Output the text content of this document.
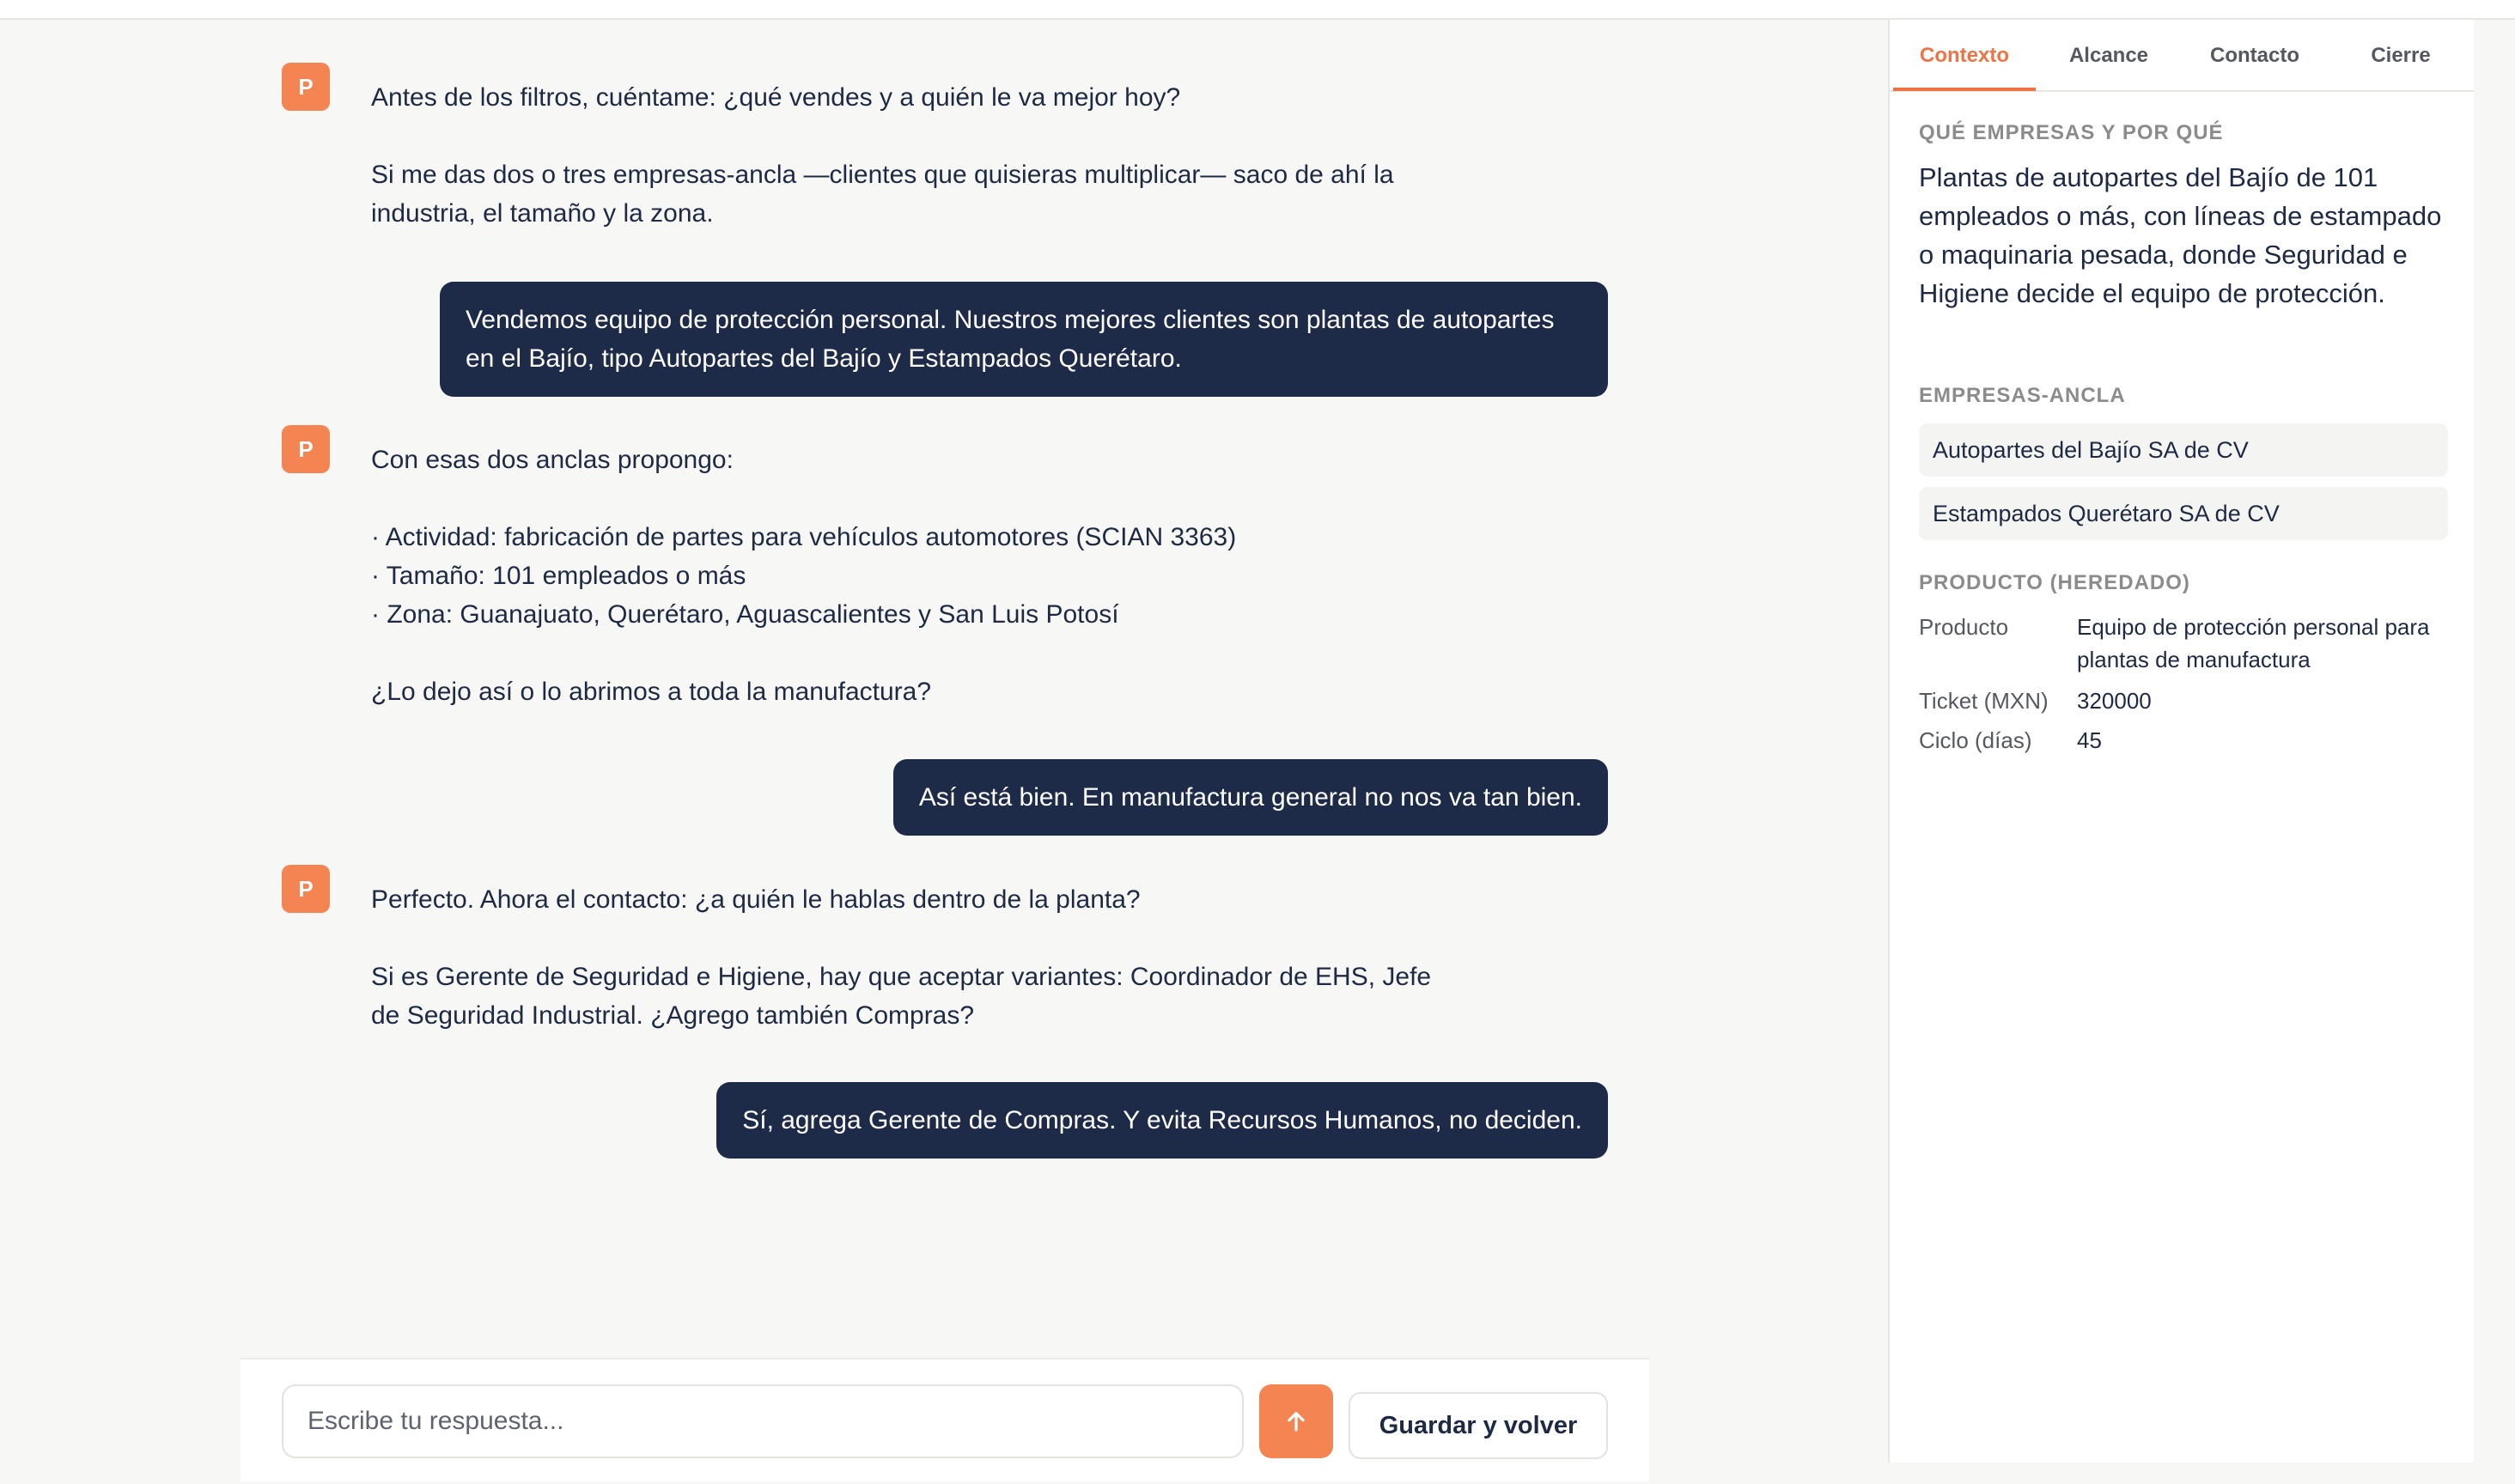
P	Antes de los filtros, cuéntame: ¿qué vendes y a quién le va mejor hoy?

Si me das dos o tres empresas-ancla —clientes que quisieras multiplicar— saco de ahí la industria, el tamaño y la zona.

Vendemos equipo de protección personal. Nuestros mejores clientes son plantas de autopartes en el Bajío, tipo Autopartes del Bajío y Estampados Querétaro.
P	Con esas dos anclas propongo:

· Actividad: fabricación de partes para vehículos automotores (SCIAN 3363)
· Tamaño: 101 empleados o más
· Zona: Guanajuato, Querétaro, Aguascalientes y San Luis Potosí

¿Lo dejo así o lo abrimos a toda la manufactura?

Así está bien. En manufactura general no nos va tan bien.
P	Perfecto. Ahora el contacto: ¿a quién le hablas dentro de la planta?

Si es Gerente de Seguridad e Higiene, hay que aceptar variantes: Coordinador de EHS, Jefe de Seguridad Industrial. ¿Agrego también Compras?

Sí, agrega Gerente de Compras. Y evita Recursos Humanos, no deciden.
Escribe tu respuesta...	Guardar y volver
Contexto	Alcance	Contacto	Cierre
QUÉ EMPRESAS Y POR QUÉ
Plantas de autopartes del Bajío de 101 empleados o más, con líneas de estampado o maquinaria pesada, donde Seguridad e Higiene decide el equipo de protección.
EMPRESAS-ANCLA
Autopartes del Bajío SA de CV
Estampados Querétaro SA de CV
PRODUCTO (HEREDADO)
Producto	Equipo de protección personal para plantas de manufactura
Ticket (MXN) 320000
Ciclo (días) 45
